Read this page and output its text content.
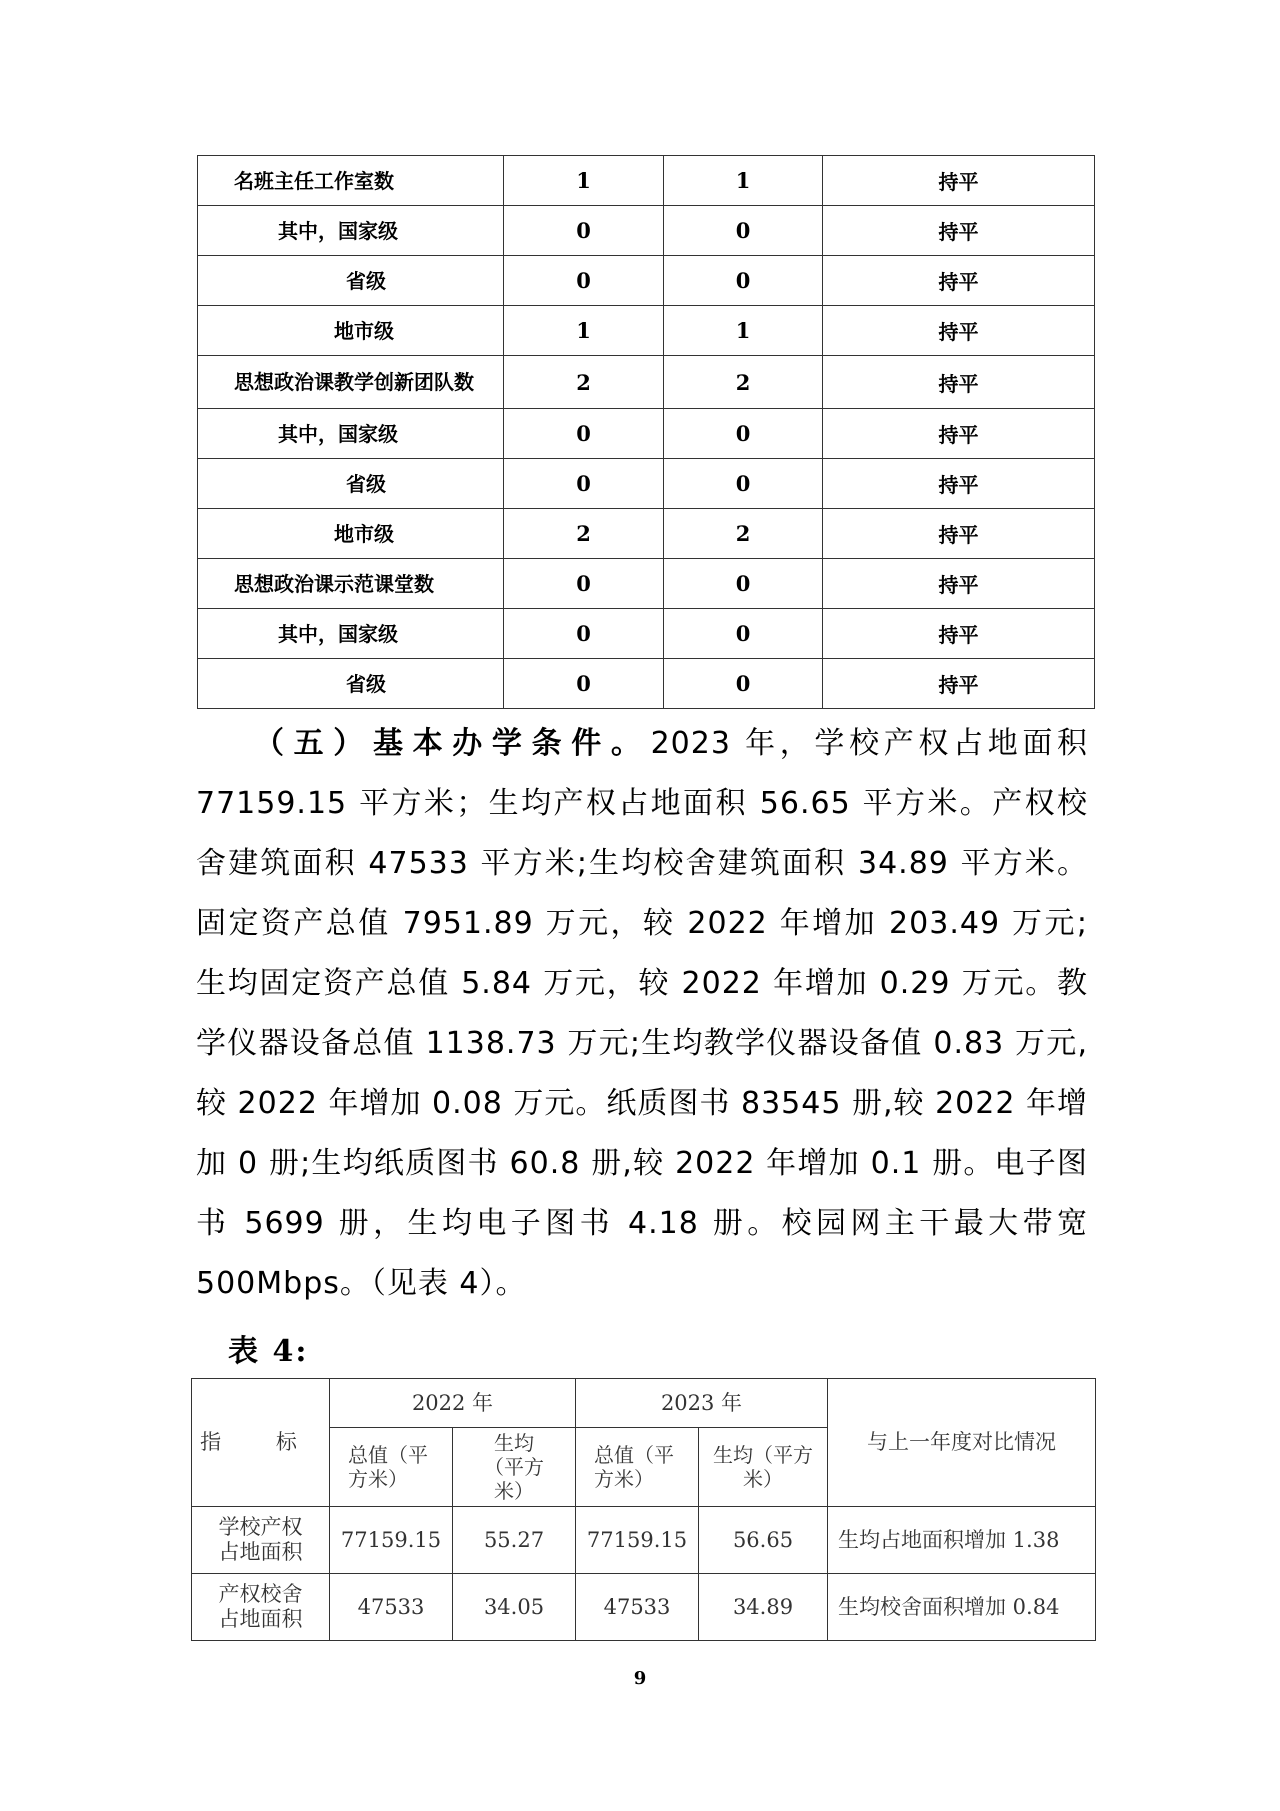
名班主任工作室数	1	1	持平
其中，国家级	0	0	持平
省级	0	0	持平
地市级	1	1	持平
思想政治课教学创新团队数	2	2	持平
其中，国家级	0	0	持平
省级	0	0	持平
地市级	2	2	持平
思想政治课示范课堂数	0	0	持平
其中，国家级	0	0	持平
省级	0	0	持平

（五）基本办学条件。2023 年，学校产权占地面积 77159.15 平方米；生均产权占地面积 56.65 平方米。产权校舍建筑面积 47533 平方米;生均校舍建筑面积 34.89 平方米。固定资产总值 7951.89 万元，较 2022 年增加 203.49 万元;生均固定资产总值 5.84 万元，较 2022 年增加 0.29 万元。教学仪器设备总值 1138.73 万元;生均教学仪器设备值 0.83 万元,较 2022 年增加 0.08 万元。纸质图书 83545 册,较 2022 年增加 0 册;生均纸质图书 60.8 册,较 2022 年增加 0.1 册。电子图书 5699 册，生均电子图书 4.18 册。校园网主干最大带宽 500Mbps。（见表 4）。

表 4:
指 标	2022 年		2023 年		与上一年度对比情况

	总值（平方米）	生均（平方米）	总值（平方米）	生均（平方米）	

学校产权占地面积	77159.15	55.27	77159.15	56.65	生均占地面积增加 1.38

产权校舍占地面积	47533	34.05	47533	34.89	生均校舍面积增加 0.84
9
